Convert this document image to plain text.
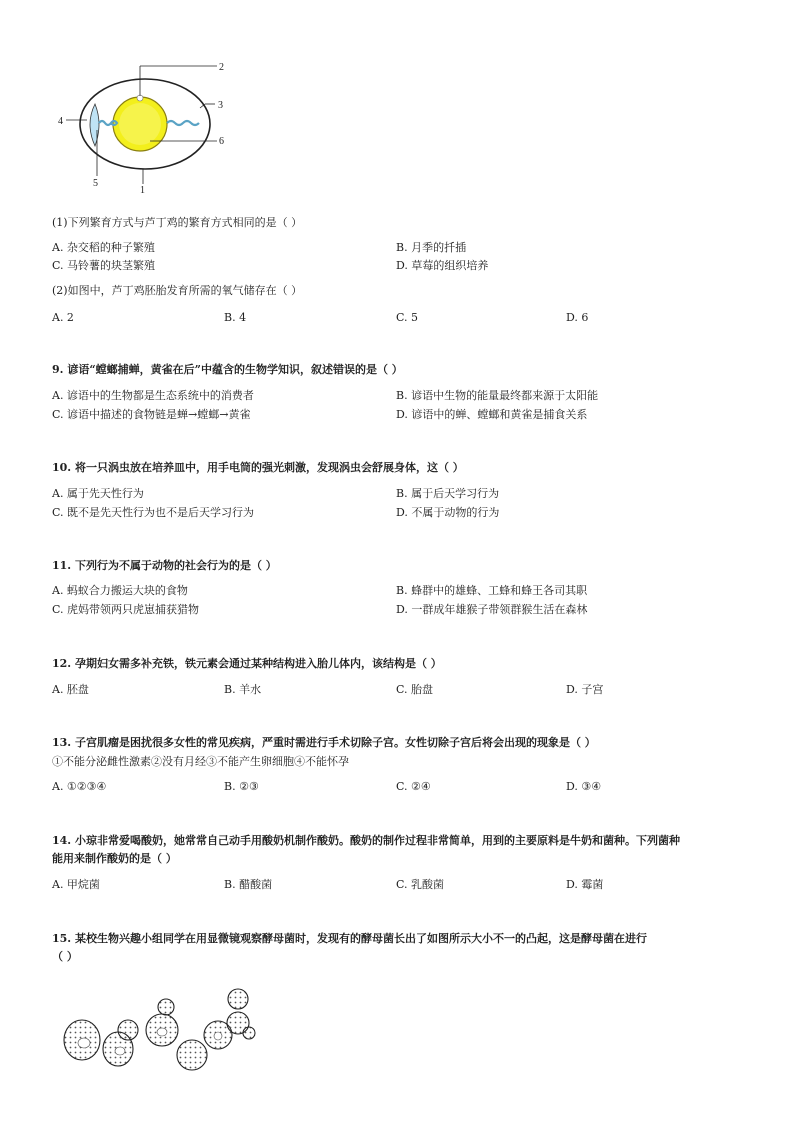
2
3
4
6
5
1
(1)下列繁育方式与芦丁鸡的繁育方式相同的是（ ）
A. 杂交稻的种子繁殖	B. 月季的扦插
C. 马铃薯的块茎繁殖	D. 草莓的组织培养
(2)如图中，芦丁鸡胚胎发育所需的氧气储存在（ ）
A. 2	B. 4	C. 5	D. 6
9. 谚语“螳螂捕蝉，黄雀在后”中蕴含的生物学知识，叙述错误的是（ ）
A. 谚语中的生物都是生态系统中的消费者	B. 谚语中生物的能量最终都来源于太阳能
C. 谚语中描述的食物链是蝉→螳螂→黄雀	D. 谚语中的蝉、螳螂和黄雀是捕食关系
10. 将一只涡虫放在培养皿中，用手电筒的强光刺激，发现涡虫会舒展身体，这（ ）
A. 属于先天性行为	B. 属于后天学习行为
C. 既不是先天性行为也不是后天学习行为	D. 不属于动物的行为
11. 下列行为不属于动物的社会行为的是（ ）
A. 蚂蚁合力搬运大块的食物	B. 蜂群中的雄蜂、工蜂和蜂王各司其职
C. 虎妈带领两只虎崽捕获猎物	D. 一群成年雄猴子带领群猴生活在森林
12. 孕期妇女需多补充铁，铁元素会通过某种结构进入胎儿体内，该结构是（ ）
A. 胚盘	B. 羊水	C. 胎盘	D. 子宫
13. 子宫肌瘤是困扰很多女性的常见疾病，严重时需进行手术切除子宫。女性切除子宫后将会出现的现象是（ ）
①不能分泌雌性激素②没有月经③不能产生卵细胞④不能怀孕
A. ①②③④	B. ②③	C. ②④	D. ③④
14. 小琼非常爱喝酸奶，她常常自己动手用酸奶机制作酸奶。酸奶的制作过程非常简单，用到的主要原料是牛奶和菌种。下列菌种
能用来制作酸奶的是（ ）
A. 甲烷菌	B. 醋酸菌	C. 乳酸菌	D. 霉菌
15. 某校生物兴趣小组同学在用显微镜观察酵母菌时，发现有的酵母菌长出了如图所示大小不一的凸起，这是酵母菌在进行
（ ）
